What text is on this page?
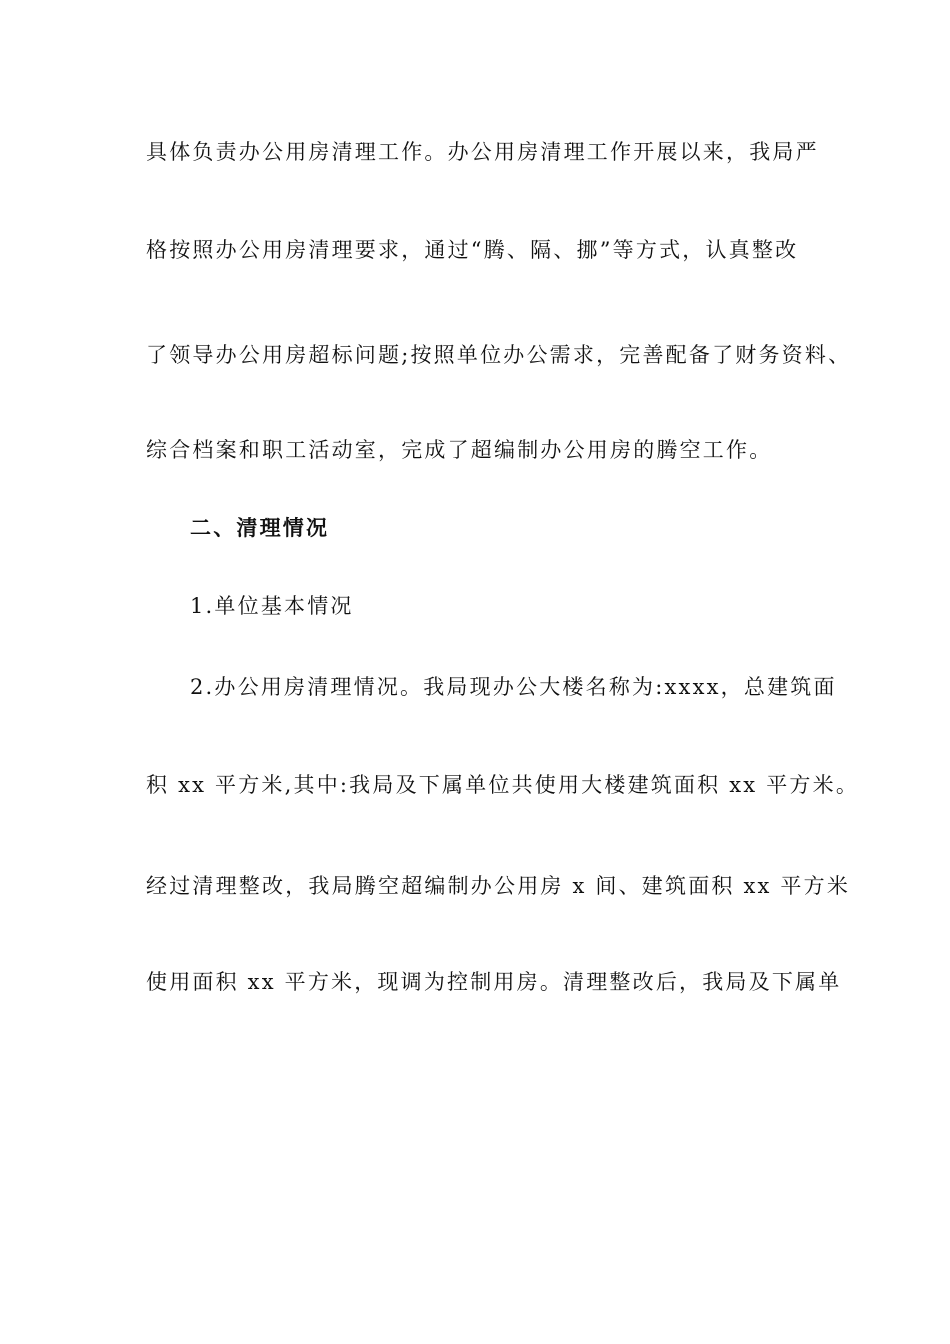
具体负责办公用房清理工作。办公用房清理工作开展以来，我局严
格按照办公用房清理要求，通过“腾、隔、挪”等方式，认真整改
了领导办公用房超标问题;按照单位办公需求，完善配备了财务资料、
综合档案和职工活动室，完成了超编制办公用房的腾空工作。
二、清理情况
1.单位基本情况
2.办公用房清理情况。我局现办公大楼名称为:xxxx，总建筑面
积 xx 平方米,其中:我局及下属单位共使用大楼建筑面积 xx 平方米。
经过清理整改，我局腾空超编制办公用房 x 间、建筑面积 xx 平方米
使用面积 xx 平方米，现调为控制用房。清理整改后，我局及下属单
